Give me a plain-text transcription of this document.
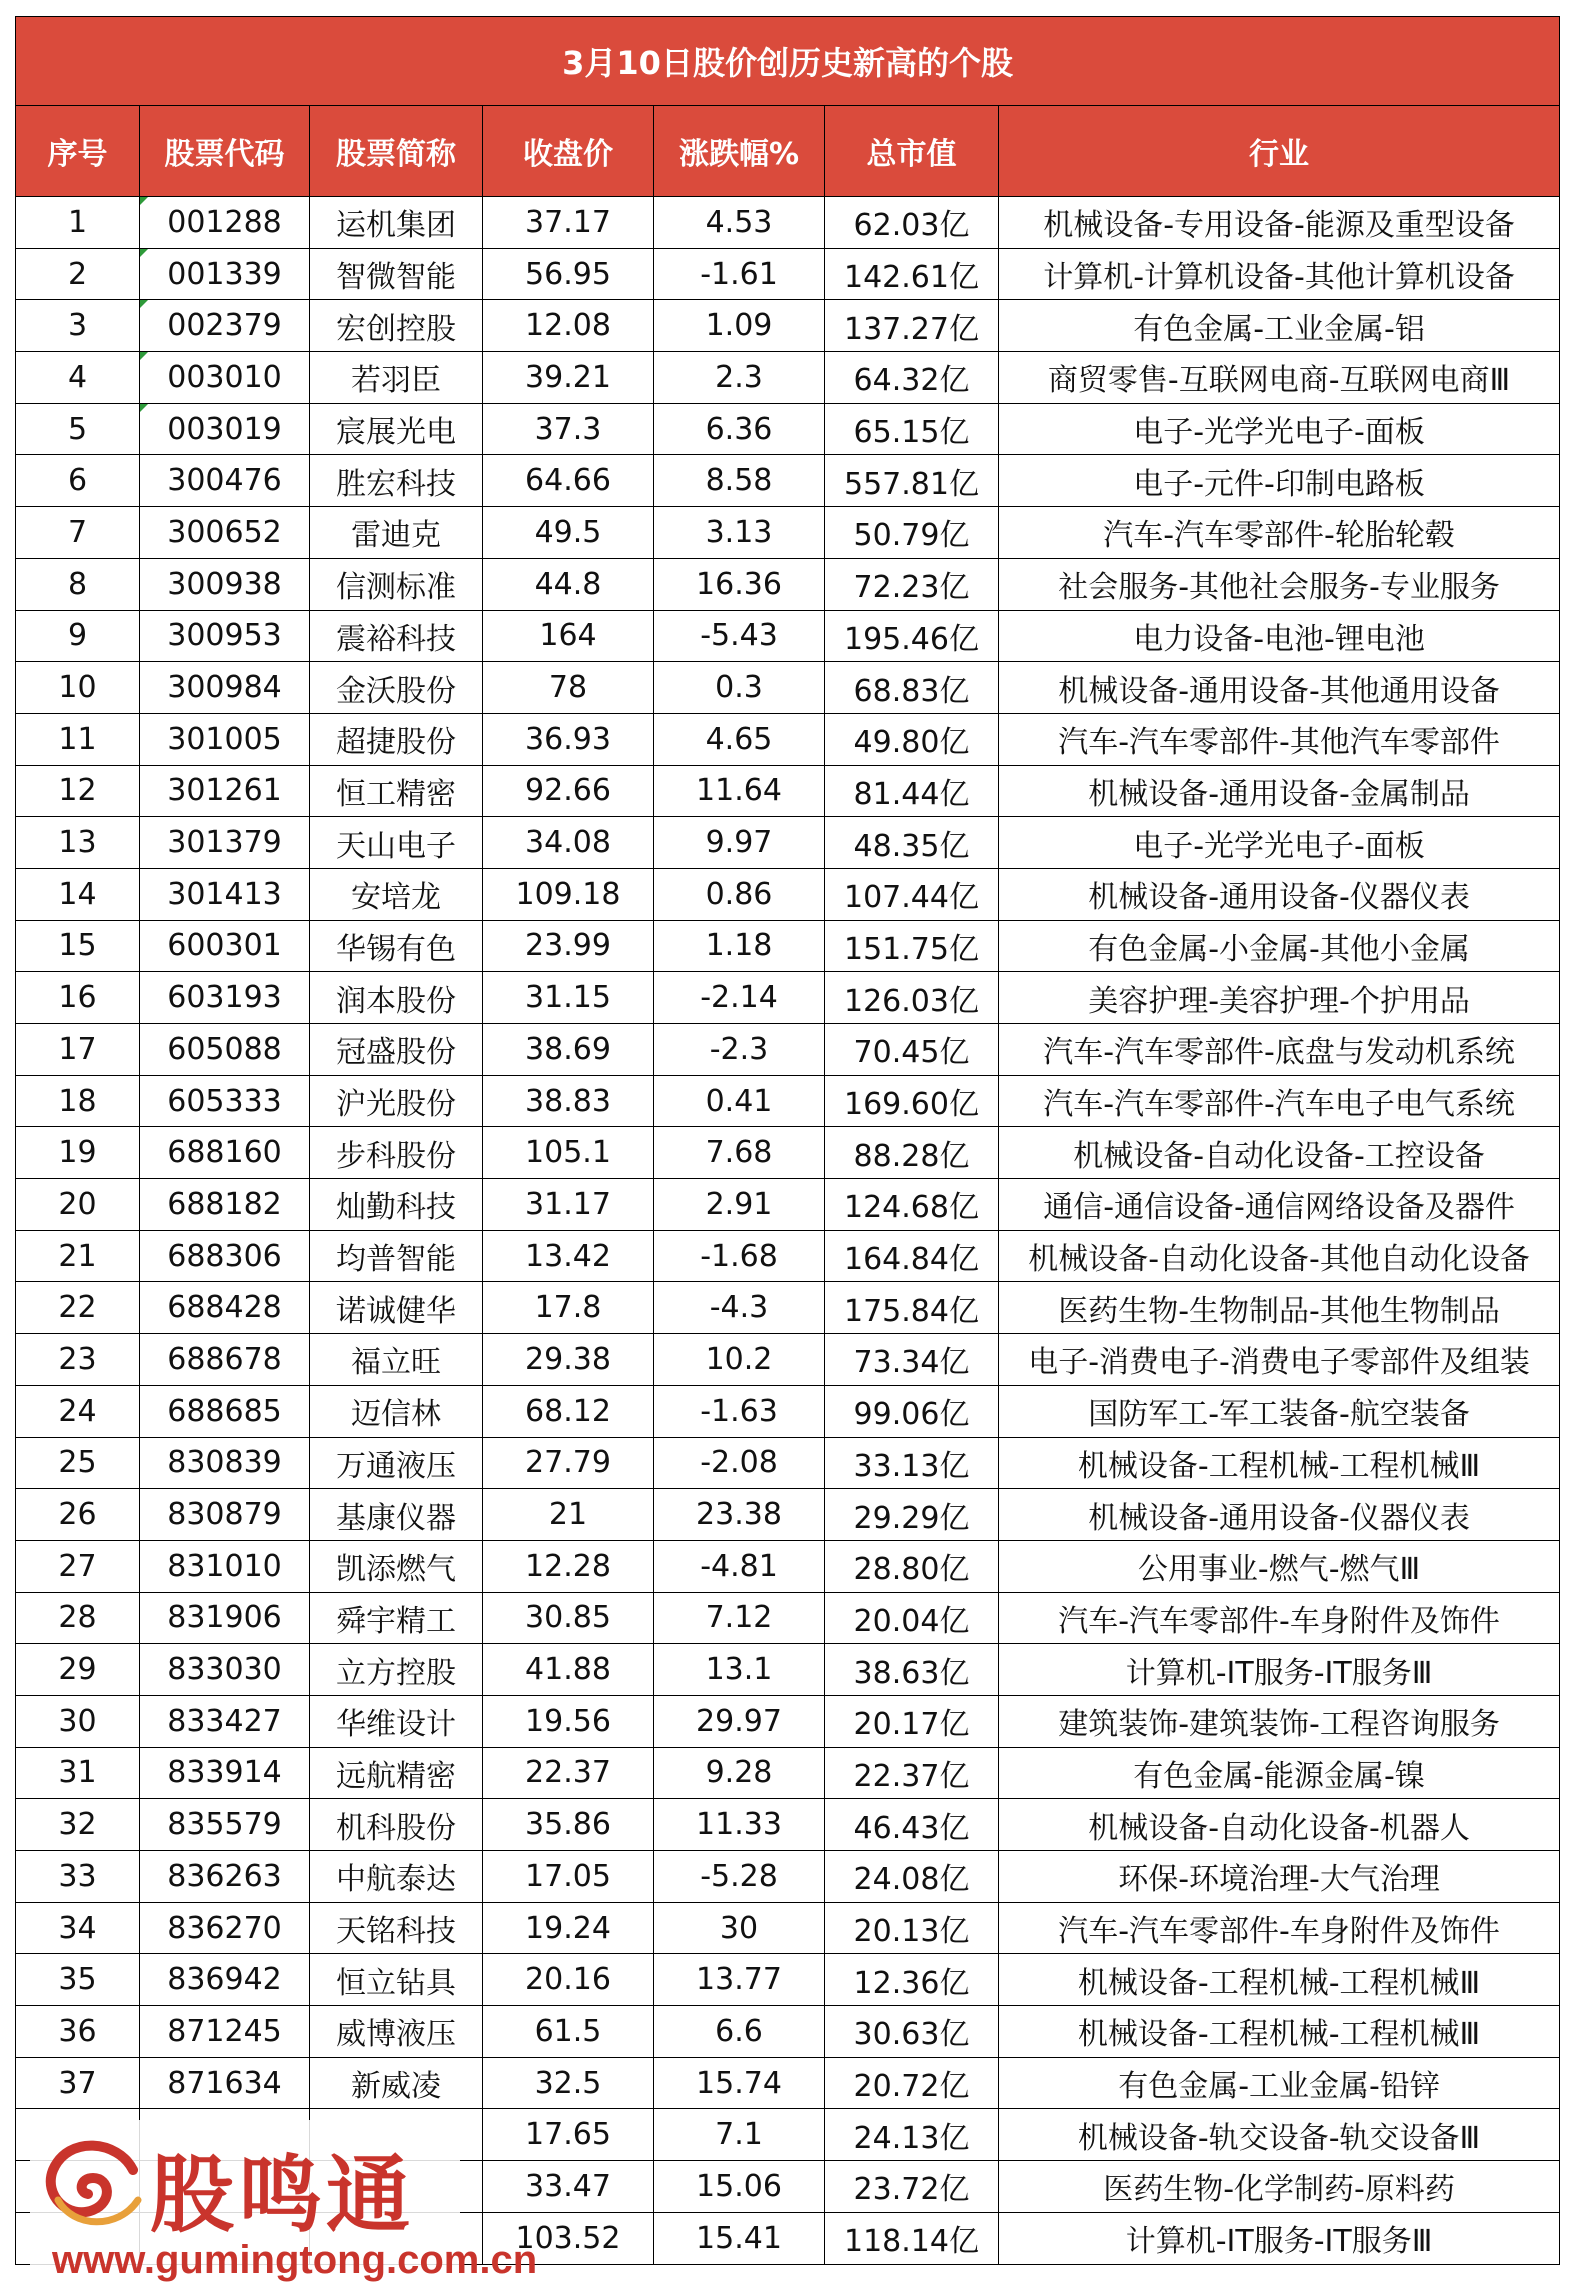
3月10日股价创历史新高的个股						
序号	股票代码	股票简称	收盘价	涨跌幅%	总市值	行业
1	001288	运机集团	37.17	4.53	62.03亿	机械设备-专用设备-能源及重型设备
2	001339	智微智能	56.95	-1.61	142.61亿	计算机-计算机设备-其他计算机设备
3	002379	宏创控股	12.08	1.09	137.27亿	有色金属-工业金属-铝
4	003010	若羽臣	39.21	2.3	64.32亿	商贸零售-互联网电商-互联网电商Ⅲ
5	003019	宸展光电	37.3	6.36	65.15亿	电子-光学光电子-面板
6	300476	胜宏科技	64.66	8.58	557.81亿	电子-元件-印制电路板
7	300652	雷迪克	49.5	3.13	50.79亿	汽车-汽车零部件-轮胎轮毂
8	300938	信测标准	44.8	16.36	72.23亿	社会服务-其他社会服务-专业服务
9	300953	震裕科技	164	-5.43	195.46亿	电力设备-电池-锂电池
10	300984	金沃股份	78	0.3	68.83亿	机械设备-通用设备-其他通用设备
11	301005	超捷股份	36.93	4.65	49.80亿	汽车-汽车零部件-其他汽车零部件
12	301261	恒工精密	92.66	11.64	81.44亿	机械设备-通用设备-金属制品
13	301379	天山电子	34.08	9.97	48.35亿	电子-光学光电子-面板
14	301413	安培龙	109.18	0.86	107.44亿	机械设备-通用设备-仪器仪表
15	600301	华锡有色	23.99	1.18	151.75亿	有色金属-小金属-其他小金属
16	603193	润本股份	31.15	-2.14	126.03亿	美容护理-美容护理-个护用品
17	605088	冠盛股份	38.69	-2.3	70.45亿	汽车-汽车零部件-底盘与发动机系统
18	605333	沪光股份	38.83	0.41	169.60亿	汽车-汽车零部件-汽车电子电气系统
19	688160	步科股份	105.1	7.68	88.28亿	机械设备-自动化设备-工控设备
20	688182	灿勤科技	31.17	2.91	124.68亿	通信-通信设备-通信网络设备及器件
21	688306	均普智能	13.42	-1.68	164.84亿	机械设备-自动化设备-其他自动化设备
22	688428	诺诚健华	17.8	-4.3	175.84亿	医药生物-生物制品-其他生物制品
23	688678	福立旺	29.38	10.2	73.34亿	电子-消费电子-消费电子零部件及组装
24	688685	迈信林	68.12	-1.63	99.06亿	国防军工-军工装备-航空装备
25	830839	万通液压	27.79	-2.08	33.13亿	机械设备-工程机械-工程机械Ⅲ
26	830879	基康仪器	21	23.38	29.29亿	机械设备-通用设备-仪器仪表
27	831010	凯添燃气	12.28	-4.81	28.80亿	公用事业-燃气-燃气Ⅲ
28	831906	舜宇精工	30.85	7.12	20.04亿	汽车-汽车零部件-车身附件及饰件
29	833030	立方控股	41.88	13.1	38.63亿	计算机-IT服务-IT服务Ⅲ
30	833427	华维设计	19.56	29.97	20.17亿	建筑装饰-建筑装饰-工程咨询服务
31	833914	远航精密	22.37	9.28	22.37亿	有色金属-能源金属-镍
32	835579	机科股份	35.86	11.33	46.43亿	机械设备-自动化设备-机器人
33	836263	中航泰达	17.05	-5.28	24.08亿	环保-环境治理-大气治理
34	836270	天铭科技	19.24	30	20.13亿	汽车-汽车零部件-车身附件及饰件
35	836942	恒立钻具	20.16	13.77	12.36亿	机械设备-工程机械-工程机械Ⅲ
36	871245	威博液压	61.5	6.6	30.63亿	机械设备-工程机械-工程机械Ⅲ
37	871634	新威凌	32.5	15.74	20.72亿	有色金属-工业金属-铅锌
			17.65	7.1	24.13亿	机械设备-轨交设备-轨交设备Ⅲ
			33.47	15.06	23.72亿	医药生物-化学制药-原料药
			103.52	15.41	118.14亿	计算机-IT服务-IT服务Ⅲ
股鸣通
www.gumingtong.com.cn
